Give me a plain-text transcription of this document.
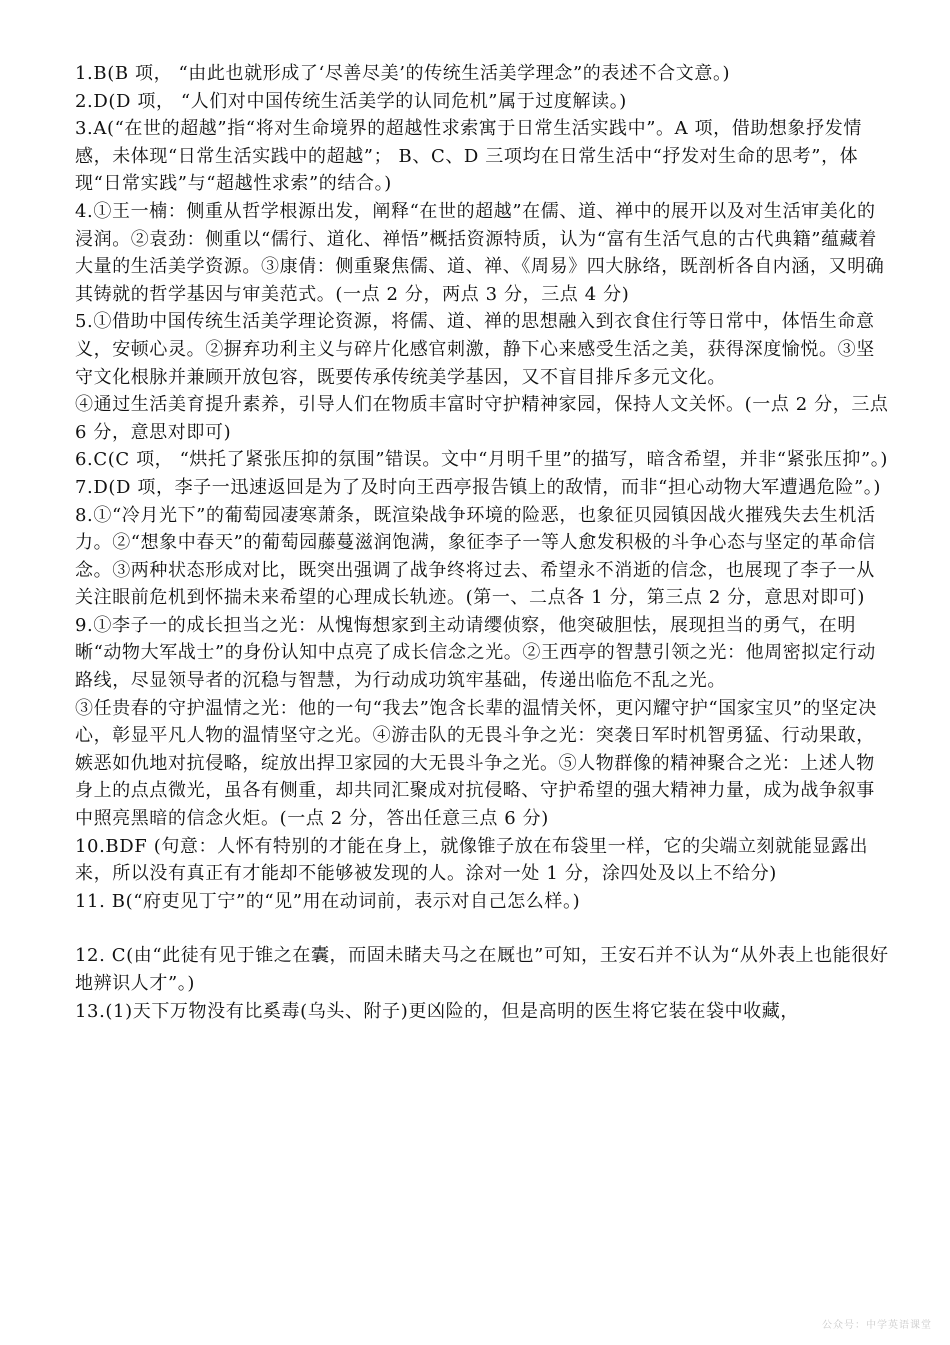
1.B(B 项， “由此也就形成了‘尽善尽美’的传统生活美学理念”的表述不合文意。)

2.D(D 项， “人们对中国传统生活美学的认同危机”属于过度解读。)

3.A(“在世的超越”指“将对生命境界的超越性求索寓于日常生活实践中”。A 项，借助想象抒发情感，未体现“日常生活实践中的超越”； B、C、D 三项均在日常生活中“抒发对生命的思考”，体现“日常实践”与“超越性求索”的结合。)

4.①王一楠：侧重从哲学根源出发，阐释“在世的超越”在儒、道、禅中的展开以及对生活审美化的浸润。②袁劲：侧重以“儒行、道化、禅悟”概括资源特质，认为“富有生活气息的古代典籍”蕴藏着大量的生活美学资源。③康倩：侧重聚焦儒、道、禅、《周易》四大脉络，既剖析各自内涵，又明确其铸就的哲学基因与审美范式。(一点 2 分，两点 3 分，三点 4 分)

5.①借助中国传统生活美学理论资源，将儒、道、禅的思想融入到衣食住行等日常中，体悟生命意义，安顿心灵。②摒弃功利主义与碎片化感官刺激，静下心来感受生活之美，获得深度愉悦。③坚守文化根脉并兼顾开放包容，既要传承传统美学基因，又不盲目排斥多元文化。

④通过生活美育提升素养，引导人们在物质丰富时守护精神家园，保持人文关怀。(一点 2 分，三点 6 分，意思对即可)

6.C(C 项， “烘托了紧张压抑的氛围”错误。文中“月明千里”的描写，暗含希望，并非“紧张压抑”。)

7.D(D 项，李子一迅速返回是为了及时向王西亭报告镇上的敌情，而非“担心动物大军遭遇危险”。)

8.①“冷月光下”的葡萄园凄寒萧条，既渲染战争环境的险恶，也象征贝园镇因战火摧残失去生机活力。②“想象中春天”的葡萄园藤蔓滋润饱满，象征李子一等人愈发积极的斗争心态与坚定的革命信念。③两种状态形成对比，既突出强调了战争终将过去、希望永不消逝的信念，也展现了李子一从关注眼前危机到怀揣未来希望的心理成长轨迹。(第一、二点各 1 分，第三点 2 分，意思对即可)

9.①李子一的成长担当之光：从愧悔想家到主动请缨侦察，他突破胆怯，展现担当的勇气，在明晰“动物大军战士”的身份认知中点亮了成长信念之光。②王西亭的智慧引领之光：他周密拟定行动路线，尽显领导者的沉稳与智慧，为行动成功筑牢基础，传递出临危不乱之光。

③任贵春的守护温情之光：他的一句“我去”饱含长辈的温情关怀，更闪耀守护“国家宝贝”的坚定决心，彰显平凡人物的温情坚守之光。④游击队的无畏斗争之光：突袭日军时机智勇猛、行动果敢，嫉恶如仇地对抗侵略，绽放出捍卫家园的大无畏斗争之光。⑤人物群像的精神聚合之光：上述人物身上的点点微光，虽各有侧重，却共同汇聚成对抗侵略、守护希望的强大精神力量，成为战争叙事中照亮黑暗的信念火炬。(一点 2 分，答出任意三点 6 分)

10.BDF (句意：人怀有特别的才能在身上，就像锥子放在布袋里一样，它的尖端立刻就能显露出来，所以没有真正有才能却不能够被发现的人。涂对一处 1 分，涂四处及以上不给分)

11. B(“府吏见丁宁”的“见”用在动词前，表示对自己怎么样。)

12. C(由“此徒有见于锥之在囊，而固未睹夫马之在厩也”可知，王安石并不认为“从外表上也能很好地辨识人才”。)

13.(1)天下万物没有比奚毒(乌头、附子)更凶险的，但是高明的医生将它装在袋中收藏，

公众号：中学英语课堂
